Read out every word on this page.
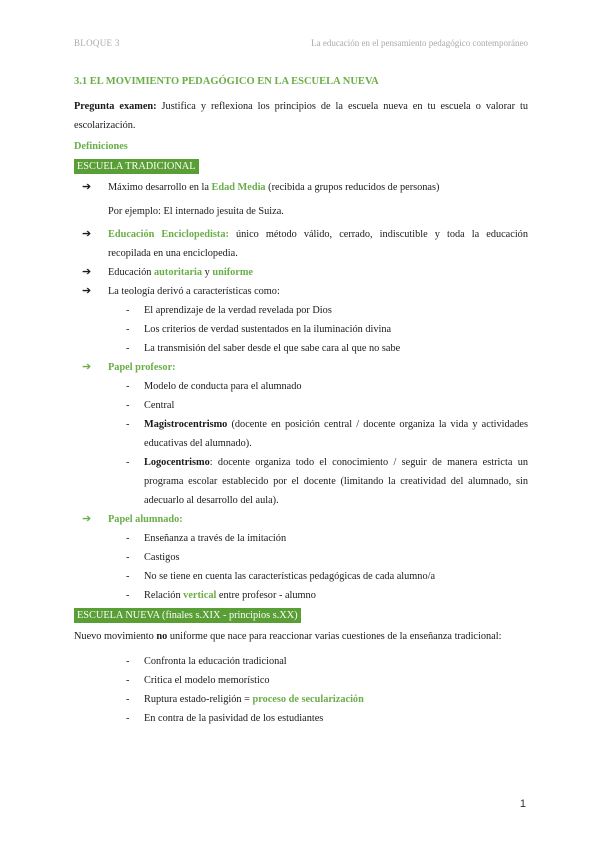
BLOQUE 3	La educación en el pensamiento pedagógico contemporáneo

3.1 EL MOVIMIENTO PEDAGÓGICO EN LA ESCUELA NUEVA

Pregunta examen: Justifica y reflexiona los principios de la escuela nueva en tu escuela o valorar tu escolarización.

Definiciones

ESCUELA TRADICIONAL

➔ Máximo desarrollo en la Edad Media (recibida a grupos reducidos de personas)

Por ejemplo: El internado jesuita de Suiza.

➔ Educación Enciclopedista: único método válido, cerrado, indiscutible y toda la educación recopilada en una enciclopedia.

➔ Educación autoritaria y uniforme

➔ La teología derivó a características como:

- El aprendizaje de la verdad revelada por Dios

- Los criterios de verdad sustentados en la iluminación divina

- La transmisión del saber desde el que sabe cara al que no sabe

➔ Papel profesor:

- Modelo de conducta para el alumnado

- Central

- Magistrocentrismo (docente en posición central / docente organiza la vida y actividades educativas del alumnado).

- Logocentrismo: docente organiza todo el conocimiento / seguir de manera estricta un programa escolar establecido por el docente (limitando la creatividad del alumnado, sin adecuarlo al desarrollo del aula).

➔ Papel alumnado:

- Enseñanza a través de la imitación

- Castigos

- No se tiene en cuenta las características pedagógicas de cada alumno/a

- Relación vertical entre profesor - alumno

ESCUELA NUEVA (finales s.XIX - principios s.XX)

Nuevo movimiento no uniforme que nace para reaccionar varias cuestiones de la enseñanza tradicional:

- Confronta la educación tradicional

- Critica el modelo memorístico

- Ruptura estado-religión = proceso de secularización

- En contra de la pasividad de los estudiantes

1
